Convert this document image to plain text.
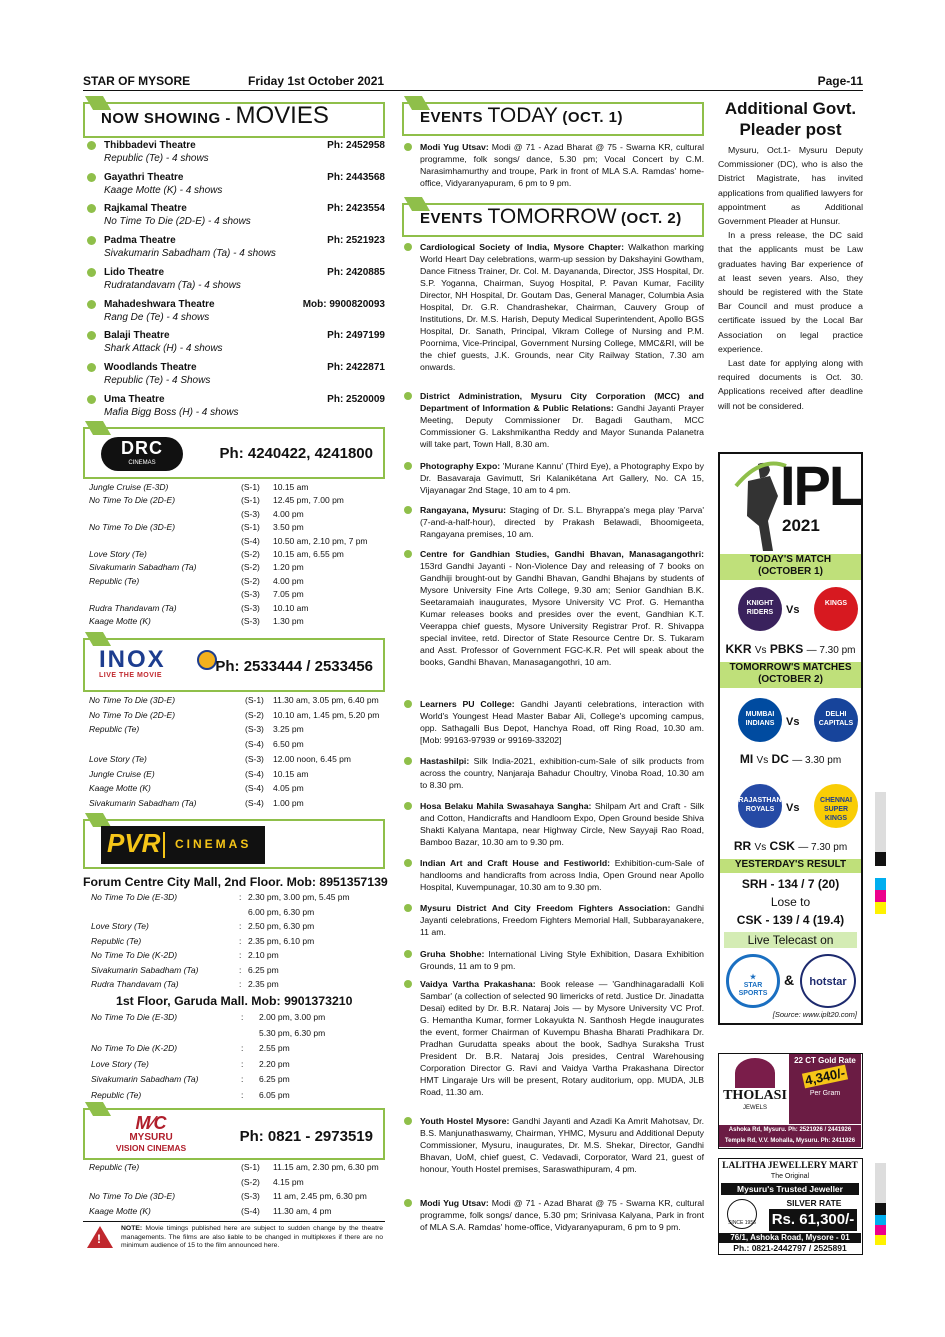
STAR OF MYSORE	Friday 1st October 2021	Page-11
NOW SHOWING - MOVIES
Thibbadevi Theatre	Ph: 2452958
Republic (Te) - 4 shows
Gayathri Theatre	Ph: 2443568
Kaage Motte (K) - 4 shows
Rajkamal Theatre	Ph: 2423554
No Time To Die (2D-E) - 4 shows
Padma Theatre	Ph: 2521923
Sivakumarin Sabadham (Ta) - 4 shows
Lido Theatre	Ph: 2420885
Rudratandavam (Ta) - 4 shows
Mahadeshwara Theatre	Mob: 9900820093
Rang De (Te) - 4 shows
Balaji Theatre	Ph: 2497199
Shark Attack (H) - 4 shows
Woodlands Theatre	Ph: 2422871
Republic (Te) - 4 Shows
Uma Theatre	Ph: 2520009
Mafia Bigg Boss (H) - 4 shows
DRC
CINEMAS
Ph: 4240422, 4241800
Jungle Cruise (E-3D)	(S-1) 10.15 am
No Time To Die (2D-E)	(S-1) 12.45 pm, 7.00 pm
(S-3) 4.00 pm
No Time To Die (3D-E)	(S-1) 3.50 pm
(S-4) 10.50 am, 2.10 pm, 7 pm
Love Story (Te)	(S-2) 10.15 am, 6.55 pm
Sivakumarin Sabadham (Ta)	(S-2) 1.20 pm
Republic (Te)	(S-2) 4.00 pm
(S-3) 7.05 pm
Rudra Thandavam (Ta)	(S-3) 10.10 am
Kaage Motte (K)	(S-3) 1.30 pm
INOX
LIVE THE MOVIE
Ph: 2533444 / 2533456
No Time To Die (3D-E)	(S-1) 11.30 am, 3.05 pm, 6.40 pm
No Time To Die (2D-E)	(S-2) 10.10 am, 1.45 pm, 5.20 pm
Republic (Te)	(S-3) 3.25 pm
(S-4) 6.50 pm
Love Story (Te)	(S-3) 12.00 noon, 6.45 pm
Jungle Cruise (E)	(S-4) 10.15 am
Kaage Motte (K)	(S-4) 4.05 pm
Sivakumarin Sabadham (Ta)	(S-4) 1.00 pm
PVR CINEMAS
Forum Centre City Mall, 2nd Floor. Mob: 8951357139
No Time To Die (E-3D)	: 2.30 pm, 3.00 pm, 5.45 pm
6.00 pm, 6.30 pm
Love Story (Te)	: 2.50 pm, 6.30 pm
Republic (Te)	: 2.35 pm, 6.10 pm
No Time To Die (K-2D)	: 2.10 pm
Sivakumarin Sabadham (Ta)	: 6.25 pm
Rudra Thandavam (Ta)	: 2.35 pm
1st Floor, Garuda Mall. Mob: 9901373210
No Time To Die (E-3D)	: 2.00 pm, 3.00 pm
5.30 pm, 6.30 pm
No Time To Die (K-2D)	: 2.55 pm
Love Story (Te)	: 2.20 pm
Sivakumarin Sabadham (Ta)	: 6.25 pm
Republic (Te)	: 6.05 pm
M⁄C
MYSURU
VISION CINEMAS
Ph: 0821 - 2973519
Republic (Te)	(S-1) 11.15 am, 2.30 pm, 6.30 pm
(S-2) 4.15 pm
No Time To Die (3D-E)	(S-3) 11 am, 2.45 pm, 6.30 pm
Kaage Motte (K)	(S-4) 11.30 am, 4 pm
!
NOTE: Movie timings published here are subject to sudden change by the theatre managements. The films are also liable to be changed in multiplexes if there are no minimum audience of 15 to the film announced here.
EVENTS TODAY (OCT. 1)
Modi Yug Utsav: Modi @ 71 - Azad Bharat @ 75 - Swarna KR, cultural programme, folk songs/ dance, 5.30 pm; Vocal Concert by C.M. Narasimhamurthy and troupe, Park in front of MLA S.A. Ramdas' home-office, Vidyaranyapuram, 6 pm to 9 pm.
EVENTS TOMORROW (OCT. 2)
Cardiological Society of India, Mysore Chapter: Walkathon marking World Heart Day celebrations, warm-up session by Dakshayini Gowtham, Dance Fitness Trainer, Dr. Col. M. Dayananda, Director, JSS Hospital, Dr. S.P. Yoganna, Chairman, Suyog Hospital, P. Pavan Kumar, Facility Director, NH Hospital, Dr. Goutam Das, General Manager, Columbia Asia Hospital, Dr. G.R. Chandrashekar, Chairman, Cauvery Group of Institutions, Dr. M.S. Harish, Deputy Medical Superintendent, Apollo BGS Hospital, Dr. Sanath, Principal, Vikram College of Nursing and P.M. Poornima, Vice-Principal, Government Nursing College, MMC&RI, will be the chief guests, J.K. Grounds, near City Railway Station, 7.30 am onwards.
District Administration, Mysuru City Corporation (MCC) and Department of Information & Public Relations: Gandhi Jayanti Prayer Meeting, Deputy Commissioner Dr. Bagadi Gautham, MCC Commissioner G. Lakshmikantha Reddy and Mayor Sunanda Palanetra will take part, Town Hall, 8.30 am.
Photography Expo: 'Murane Kannu' (Third Eye), a Photography Expo by Dr. Basavaraja Gavimutt, Sri Kalanikétana Art Gallery, No. CA 15, Vijayanagar 2nd Stage, 10 am to 4 pm.
Rangayana, Mysuru: Staging of Dr. S.L. Bhyrappa's mega play 'Parva' (7-and-a-half-hour), directed by Prakash Belawadi, Bhoomigeeta, Rangayana premises, 10 am.
Centre for Gandhian Studies, Gandhi Bhavan, Manasagangothri: 153rd Gandhi Jayanti - Non-Violence Day and releasing of 7 books on Gandhiji brought-out by Gandhi Bhavan, Gandhi Bhajans by students of Mysore University Fine Arts College, 9.30 am; Senior Gandhian B.K. Seetaramaiah inaugurates, Mysore University VC Prof. G. Hemantha Kumar releases books and presides over the event, Gandhian K.T. Veerappa chief guests, Mysore University Registrar Prof. R. Shivappa special invitee, retd. Director of State Resource Centre Dr. S. Tukaram and Asst. Professor of Government FGC-K.R. Pet will speak about the books, Gandhi Bhavan, Manasagangothri, 10 am.
Learners PU College: Gandhi Jayanti celebrations, interaction with World's Youngest Head Master Babar Ali, College's upcoming campus, opp. Sathagalli Bus Depot, Hanchya Road, off Ring Road, 10.30 am. [Mob: 99163-97939 or 99169-33202]
Hastashilpi: Silk India-2021, exhibition-cum-Sale of silk products from across the country, Nanjaraja Bahadur Choultry, Vinoba Road, 10.30 am to 8.30 pm.
Hosa Belaku Mahila Swasahaya Sangha: Shilpam Art and Craft - Silk and Cotton, Handicrafts and Handloom Expo, Open Ground beside Shiva Shakti Kalyana Mantapa, near Highway Circle, New Sayyaji Rao Road, Bamboo Bazar, 10.30 am to 9.30 pm.
Indian Art and Craft House and Festiworld: Exhibition-cum-Sale of handlooms and handicrafts from across India, Open Ground near Apollo Hospital, Kuvempunagar, 10.30 am to 9.30 pm.
Mysuru District And City Freedom Fighters Association: Gandhi Jayanti celebrations, Freedom Fighters Memorial Hall, Subbarayanakere, 11 am.
Gruha Shobhe: International Living Style Exhibition, Dasara Exhibition Grounds, 11 am to 9 pm.
Vaidya Vartha Prakashana: Book release — 'Gandhinagaradalli Koli Sambar' (a collection of selected 90 limericks of retd. Justice Dr. Jinadatta Desai) edited by Dr. B.R. Nataraj Jois — by Mysore University VC Prof. G. Hemantha Kumar, former Lokayukta N. Santhosh Hegde inaugurates the event, former Chairman of Kuvempu Bhasha Bharati Pradhikara Dr. Pradhan Gurudatta speaks about the book, Sadhya Suraksha Trust President Dr. B.R. Nataraj Jois presides, Central Warehousing Corporation Director G. Ravi and Vaidya Vartha Prakashana Director HMT Lingaraje Urs will be present, Rotary auditorium, opp. MUDA, JLB Road, 11.30 am.
Youth Hostel Mysore: Gandhi Jayanti and Azadi Ka Amrit Mahotsav, Dr. B.S. Manjunathaswamy, Chairman, YHMC, Mysuru and Additional Deputy Commissioner, Mysuru, inaugurates, Dr. M.S. Shekar, Director, Gandhi Bhavan, UoM, chief guest, C. Vedavadi, Corporator, Ward 21, guest of honour, Youth Hostel premises, Saraswathipuram, 4 pm.
Modi Yug Utsav: Modi @ 71 - Azad Bharat @ 75 - Swarna KR, cultural programme, folk songs/ dance, 5.30 pm; Srinivasa Kalyana, Park in front of MLA S.A. Ramdas' home-office, Vidyaranyapuram, 6 pm to 9 pm.
Additional Govt. Pleader post

Mysuru, Oct.1- Mysuru Deputy Commissioner (DC), who is also the District Magistrate, has invited applications from qualified lawyers for appointment as Additional Government Pleader at Hunsur.

In a press release, the DC said that the applicants must be Law graduates having Bar experience of at least seven years. Also, they should be registered with the State Bar Council and must produce a certificate issued by the Local Bar Association on legal practice experience.

Last date for applying along with required documents is Oct. 30. Applications received after deadline will not be considered.

IPL
2021
TODAY'S MATCH
(OCTOBER 1)
KNIGHT RIDERS	Vs
KINGS
KKR Vs PBKS — 7.30 pm
TOMORROW'S MATCHES
(OCTOBER 2)
MUMBAI INDIANS	Vs
DELHI CAPITALS
MI Vs DC — 3.30 pm
RAJASTHAN ROYALS	Vs
CHENNAI SUPER KINGS
RR Vs CSK — 7.30 pm
YESTERDAY'S RESULT
SRH - 134 / 7 (20)
Lose to
CSK - 139 / 4 (19.4)
Live Telecast on
★
STAR SPORTS
&	hotstar
[Source: www.iplt20.com]
THOLASI
JEWELS
22 CT Gold Rate
4,340/-
Per Gram
Ashoka Rd, Mysuru. Ph: 2521926 / 2441926
Temple Rd, V.V. Mohalla, Mysuru. Ph: 2411926
LALITHA JEWELLERY MART
The Original
Mysuru's Trusted Jeweller
SINCE 1956
SILVER RATE
Rs. 61,300/-
76/1, Ashoka Road, Mysore - 01
Ph.: 0821-2442797 / 2525891
